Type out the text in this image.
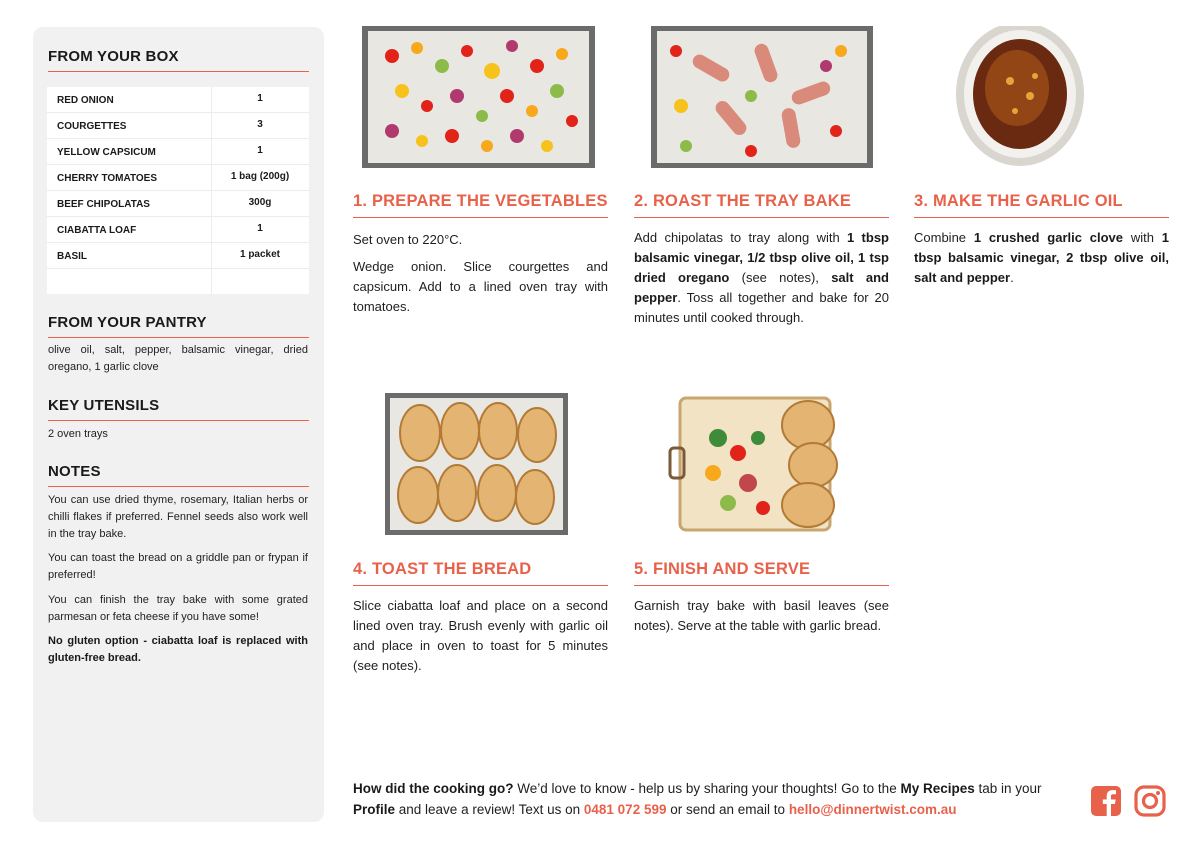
FROM YOUR BOX
RED ONION	1
COURGETTES	3
YELLOW CAPSICUM	1
CHERRY TOMATOES	1 bag (200g)
BEEF CHIPOLATAS	300g
CIABATTA LOAF	1
BASIL	1 packet
FROM YOUR PANTRY
olive oil, salt, pepper, balsamic vinegar, dried oregano, 1 garlic clove
KEY UTENSILS
2 oven trays
NOTES
You can use dried thyme, rosemary, Italian herbs or chilli flakes if preferred. Fennel seeds also work well in the tray bake.
You can toast the bread on a griddle pan or frypan if preferred!
You can finish the tray bake with some grated parmesan or feta cheese if you have some!
No gluten option - ciabatta loaf is replaced with gluten-free bread.
1. PREPARE THE VEGETABLES
Set oven to 220°C.
Wedge onion. Slice courgettes and capsicum. Add to a lined oven tray with tomatoes.
2. ROAST THE TRAY BAKE
Add chipolatas to tray along with 1 tbsp balsamic vinegar, 1/2 tbsp olive oil, 1 tsp dried oregano (see notes), salt and pepper. Toss all together and bake for 20 minutes until cooked through.
3. MAKE THE GARLIC OIL
Combine 1 crushed garlic clove with 1 tbsp balsamic vinegar, 2 tbsp olive oil, salt and pepper.
4. TOAST THE BREAD
Slice ciabatta loaf and place on a second lined oven tray. Brush evenly with garlic oil and place in oven to toast for 5 minutes (see notes).
5. FINISH AND SERVE
Garnish tray bake with basil leaves (see notes). Serve at the table with garlic bread.
How did the cooking go? We’d love to know - help us by sharing your thoughts! Go to the My Recipes tab in your Profile and leave a review! Text us on 0481 072 599 or send an email to hello@dinnertwist.com.au
